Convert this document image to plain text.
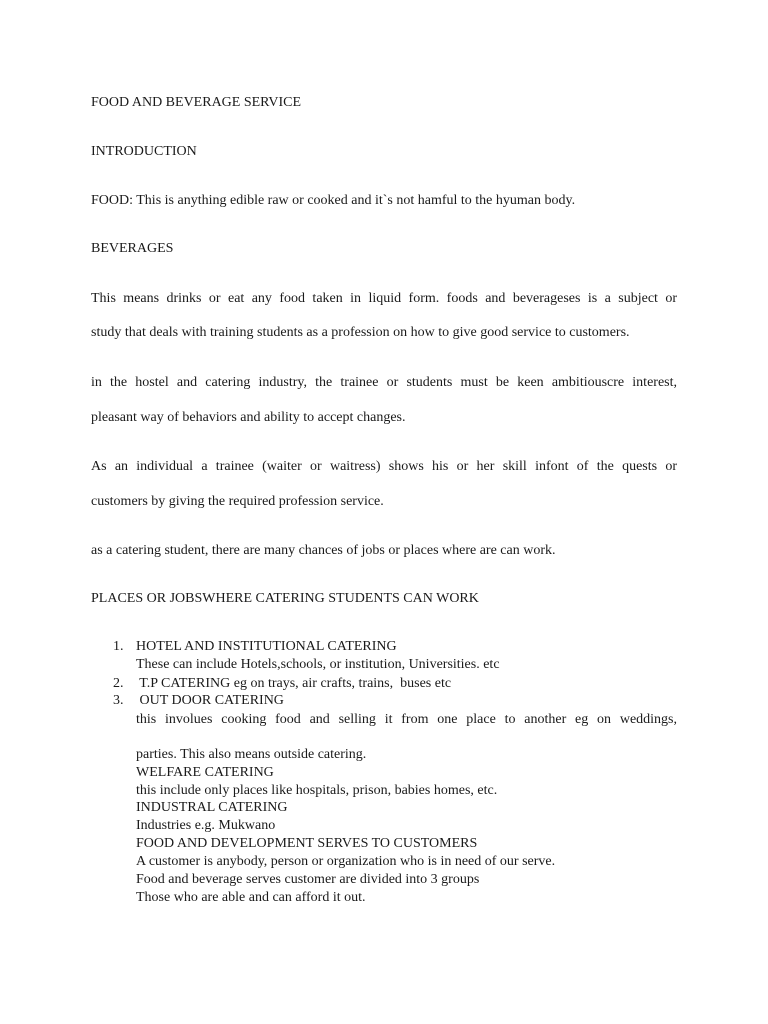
FOOD AND BEVERAGE SERVICE
INTRODUCTION
FOOD: This is anything edible raw or cooked and it`s not hamful to the hyuman body.
BEVERAGES
This means drinks or eat any food taken in liquid form. foods and beverageses is a subject or
study that deals with training students as a profession on how to give good service to customers.
in the hostel and catering industry, the trainee or students must be keen ambitiouscre interest,
pleasant way of behaviors and ability to accept changes.
As an individual a trainee (waiter or waitress) shows his or her skill infont of the quests or
customers by giving the required profession service.
as a catering student, there are many chances of jobs or places where are can work.
PLACES OR JOBSWHERE CATERING STUDENTS CAN WORK
1. HOTEL AND INSTITUTIONAL CATERING
These can include Hotels,schools, or institution, Universities. etc
2. T.P CATERING eg on trays, air crafts, trains,  buses etc
3. OUT DOOR CATERING
this involues cooking food and selling it from one place to another eg on weddings,
parties. This also means outside catering.
WELFARE CATERING
this include only places like hospitals, prison, babies homes, etc.
INDUSTRAL CATERING
Industries e.g. Mukwano
FOOD AND DEVELOPMENT SERVES TO CUSTOMERS
A customer is anybody, person or organization who is in need of our serve.
Food and beverage serves customer are divided into 3 groups
Those who are able and can afford it out.
